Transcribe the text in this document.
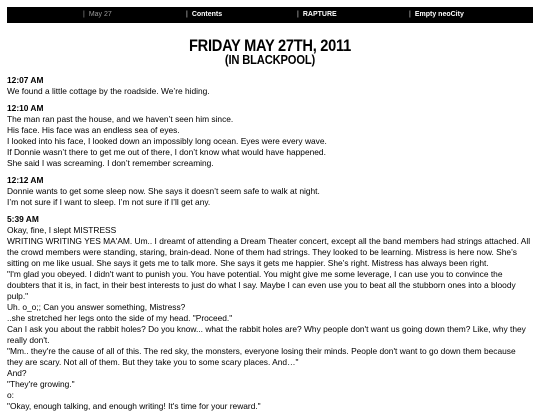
| May 27	| Contents	| RAPTURE	| Empty neoCity
FRIDAY MAY 27TH, 2011
(IN BLACKPOOL)
12:07 AM
We found a little cottage by the roadside. We’re hiding.
12:10 AM
The man ran past the house, and we haven’t seen him since.
His face. His face was an endless sea of eyes.
I looked into his face, I looked down an impossibly long ocean. Eyes were every wave.
If Donnie wasn’t there to get me out of there, I don’t know what would have happened.
She said I was screaming. I don’t remember screaming.
12:12 AM
Donnie wants to get some sleep now. She says it doesn’t seem safe to walk at night.
I’m not sure if I want to sleep. I’m not sure if I’ll get any.
5:39 AM
Okay, fine, I slept MISTRESS
WRITING WRITING YES MA'AM. Um.. I dreamt of attending a Dream Theater concert, except all the band members had strings attached. All the crowd members were standing, staring, brain-dead. None of them had strings. They looked to be learning. Mistress is here now. She’s sitting on me like usual. She says it gets me to talk more. She says it gets me happier. She’s right. Mistress has always been right.
"I'm glad you obeyed. I didn't want to punish you. You have potential. You might give me some leverage, I can use you to convince the doubters that it is, in fact, in their best interests to just do what I say. Maybe I can even use you to beat all the stubborn ones into a bloody pulp."
Uh. o_o;; Can you answer something, Mistress?
..she stretched her legs onto the side of my head. "Proceed."
Can I ask you about the rabbit holes? Do you know... what the rabbit holes are? Why people don't want us going down them? Like, why they really don't.
"Mm.. they're the cause of all of this. The red sky, the monsters, everyone losing their minds. People don't want to go down them because they are scary. Not all of them. But they take you to some scary places. And…"
And?
"They're growing."
o:
"Okay, enough talking, and enough writing! It's time for your reward."
